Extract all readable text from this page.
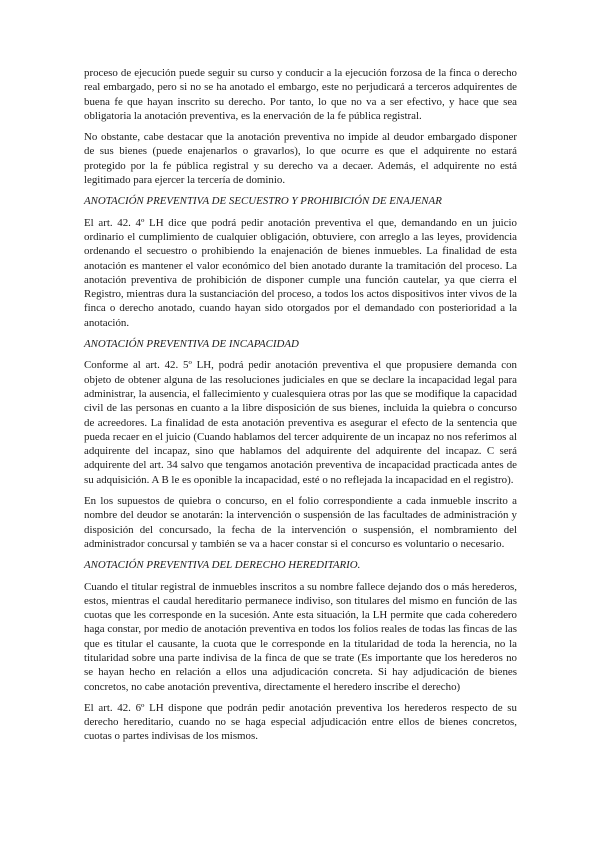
proceso de ejecución puede seguir su curso y conducir a la ejecución forzosa de la finca o derecho real embargado, pero si no se ha anotado el embargo, este no perjudicará a terceros adquirentes de buena fe que hayan inscrito su derecho. Por tanto, lo que no va a ser efectivo, y hace que sea obligatoria la anotación preventiva, es la enervación de la fe pública registral.

No obstante, cabe destacar que la anotación preventiva no impide al deudor embargado disponer de sus bienes (puede enajenarlos o gravarlos), lo que ocurre es que el adquirente no estará protegido por la fe pública registral y su derecho va a decaer. Además, el adquirente no está legitimado para ejercer la tercería de dominio.

ANOTACIÓN PREVENTIVA DE SECUESTRO Y PROHIBICIÓN DE ENAJENAR

El art. 42. 4º LH dice que podrá pedir anotación preventiva el que, demandando en un juicio ordinario el cumplimiento de cualquier obligación, obtuviere, con arreglo a las leyes, providencia ordenando el secuestro o prohibiendo la enajenación de bienes inmuebles. La finalidad de esta anotación es mantener el valor económico del bien anotado durante la tramitación del proceso. La anotación preventiva de prohibición de disponer cumple una función cautelar, ya que cierra el Registro, mientras dura la sustanciación del proceso, a todos los actos dispositivos inter vivos de la finca o derecho anotado, cuando hayan sido otorgados por el demandado con posterioridad a la anotación.

ANOTACIÓN PREVENTIVA DE INCAPACIDAD

Conforme al art. 42. 5º LH, podrá pedir anotación preventiva el que propusiere demanda con objeto de obtener alguna de las resoluciones judiciales en que se declare la incapacidad legal para administrar, la ausencia, el fallecimiento y cualesquiera otras por las que se modifique la capacidad civil de las personas en cuanto a la libre disposición de sus bienes, incluida la quiebra o concurso de acreedores. La finalidad de esta anotación preventiva es asegurar el efecto de la sentencia que pueda recaer en el juicio (Cuando hablamos del tercer adquirente de un incapaz no nos referimos al adquirente del incapaz, sino que hablamos del adquirente del adquirente del incapaz. C será adquirente del art. 34 salvo que tengamos anotación preventiva de incapacidad practicada antes de su adquisición. A B le es oponible la incapacidad, esté o no reflejada la incapacidad en el registro).

En los supuestos de quiebra o concurso, en el folio correspondiente a cada inmueble inscrito a nombre del deudor se anotarán: la intervención o suspensión de las facultades de administración y disposición del concursado, la fecha de la intervención o suspensión, el nombramiento del administrador concursal y también se va a hacer constar si el concurso es voluntario o necesario.

ANOTACIÓN PREVENTIVA DEL DERECHO HEREDITARIO.

Cuando el titular registral de inmuebles inscritos a su nombre fallece dejando dos o más herederos, estos, mientras el caudal hereditario permanece indiviso, son titulares del mismo en función de las cuotas que les corresponde en la sucesión. Ante esta situación, la LH permite que cada coheredero haga constar, por medio de anotación preventiva en todos los folios reales de todas las fincas de las que es titular el causante, la cuota que le corresponde en la titularidad de toda la herencia, no la titularidad sobre una parte indivisa de la finca de que se trate (Es importante que los herederos no se hayan hecho en relación a ellos una adjudicación concreta. Si hay adjudicación de bienes concretos, no cabe anotación preventiva, directamente el heredero inscribe el derecho)

El art. 42. 6º LH dispone que podrán pedir anotación preventiva los herederos respecto de su derecho hereditario, cuando no se haga especial adjudicación entre ellos de bienes concretos, cuotas o partes indivisas de los mismos.
